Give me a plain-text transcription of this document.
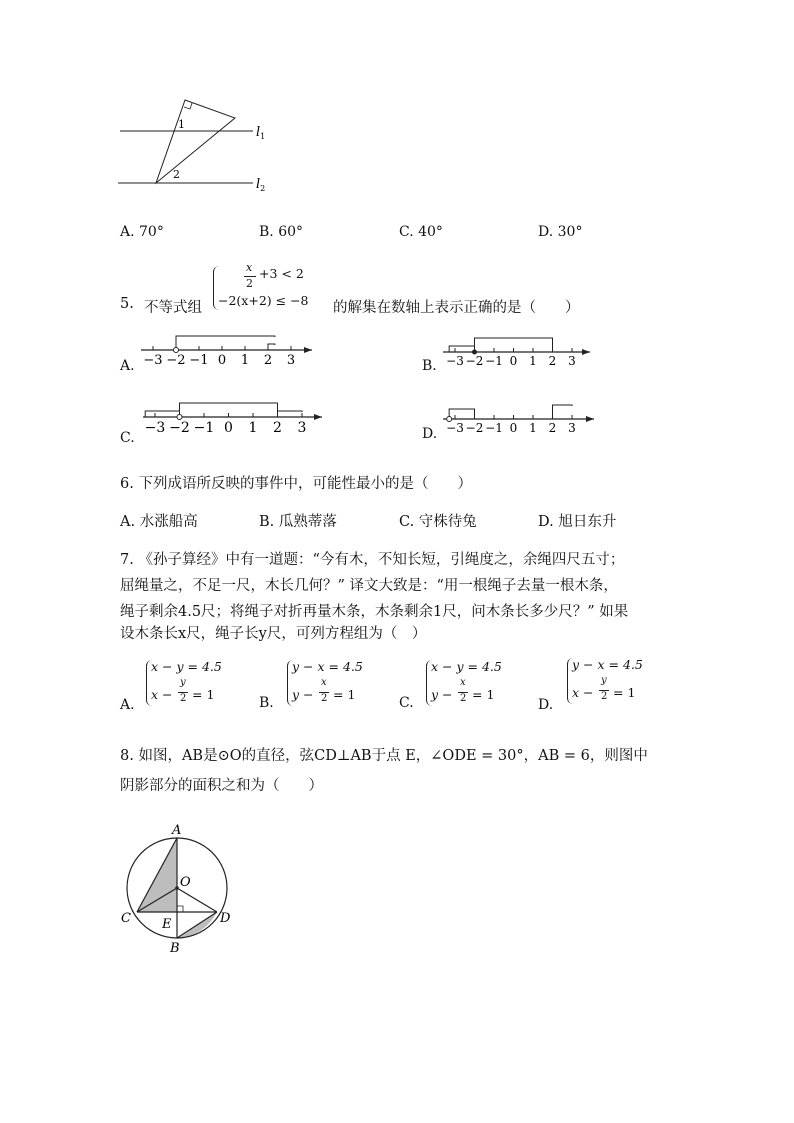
1
2
$l_1$
$l_2$
A. 70°	B. 60°	C. 40°	D. 30°
5. 不等式组
x
2
+3 < 2
−2(x+2) ≤ −8 的解集在数轴上表示正确的是（　　）
A.	B.
C.	D.
−3 −2 −1 0 1 2 3	−3 −2 −1 0 1 2 3
−3 −2 −1 0 1 2 3	−3 −2 −1 0 1 2 3
6. 下列成语所反映的事件中，可能性最小的是（　　）
A. 水涨船高	B. 瓜熟蒂落	C. 守株待兔	D. 旭日东升
7. 《孙子算经》中有一道题：“今有木，不知长短，引绳度之，余绳四尺五寸；
屈绳量之，不足一尺，木长几何？” 译文大致是：“用一根绳子去量一根木条，
绳子剩余4.5尺；将绳子对折再量木条，木条剩余1尺，问木条长多少尺？” 如果
设木条长x尺，绳子长y尺，可列方程组为（　）
A.
x − y = 4.5
x −
y
2 = 1
B.
y − x = 4.5
y −
x
2 = 1
C.
x − y = 4.5
y −
x
2 = 1
D.
y − x = 4.5
x −
y
2 = 1
8. 如图，AB是⊙O的直径，弦CD⊥AB于点 E，∠ODE = 30°，AB = 6，则图中
阴影部分的面积之和为（　　）
A
O
C	D
E
B
